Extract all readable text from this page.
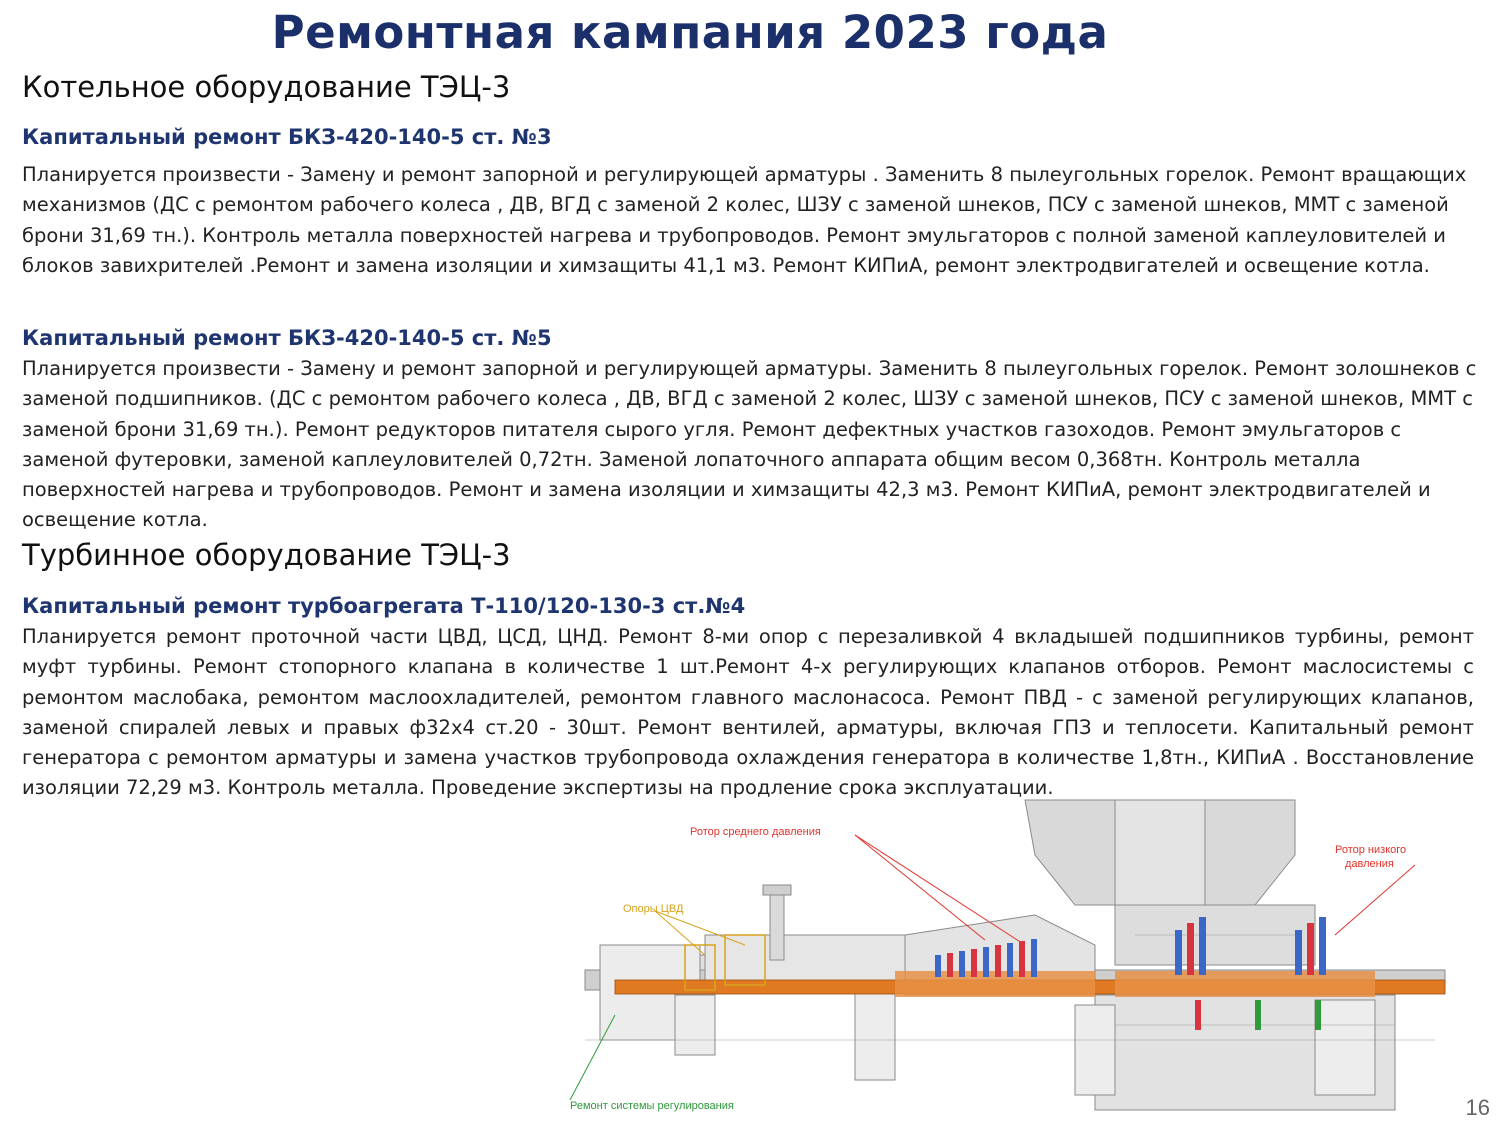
Ремонтная кампания 2023 года
Котельное оборудование ТЭЦ-3
Капитальный ремонт БКЗ-420-140-5 ст. №3
Планируется произвести - Замену и ремонт запорной и регулирующей арматуры . Заменить 8 пылеугольных горелок. Ремонт вращающих механизмов (ДС с ремонтом рабочего колеса , ДВ, ВГД с заменой 2 колес, ШЗУ с заменой шнеков, ПСУ с заменой шнеков, ММТ с заменой брони 31,69 тн.). Контроль металла поверхностей нагрева и трубопроводов. Ремонт эмульгаторов с полной заменой каплеуловителей и блоков завихрителей .Ремонт и замена изоляции и химзащиты 41,1 м3. Ремонт КИПиА, ремонт электродвигателей и освещение котла.
Капитальный ремонт БКЗ-420-140-5 ст. №5
Планируется произвести - Замену и ремонт запорной и регулирующей арматуры. Заменить 8 пылеугольных горелок. Ремонт золошнеков с заменой подшипников. (ДС с ремонтом рабочего колеса , ДВ, ВГД с заменой 2 колес, ШЗУ с заменой шнеков, ПСУ с заменой шнеков, ММТ с заменой брони 31,69 тн.). Ремонт редукторов питателя сырого угля. Ремонт дефектных участков газоходов. Ремонт эмульгаторов с заменой футеровки, заменой каплеуловителей 0,72тн. Заменой лопаточного аппарата общим весом 0,368тн. Контроль металла поверхностей нагрева и трубопроводов. Ремонт и замена изоляции и химзащиты 42,3 м3. Ремонт КИПиА, ремонт электродвигателей и освещение котла.
Турбинное оборудование ТЭЦ-3
Капитальный ремонт турбоагрегата Т-110/120-130-3 ст.№4
Планируется ремонт проточной части ЦВД, ЦСД, ЦНД. Ремонт 8-ми опор с перезаливкой 4 вкладышей подшипников турбины, ремонт муфт турбины. Ремонт стопорного клапана в количестве 1 шт.Ремонт 4-х регулирующих клапанов отборов. Ремонт маслосистемы с ремонтом маслобака, ремонтом маслоохладителей, ремонтом главного маслонасоса. Ремонт ПВД - с заменой регулирующих клапанов, заменой спиралей левых и правых ф32х4 ст.20 - 30шт. Ремонт вентилей, арматуры, включая ГПЗ и теплосети. Капитальный ремонт генератора с ремонтом арматуры и замена участков трубопровода охлаждения генератора в количестве 1,8тн., КИПиА . Восстановление изоляции 72,29 м3. Контроль металла. Проведение экспертизы на продление срока эксплуатации.
Ротор среднего давления
Ротор низкого
давления
Опоры ЦВД
Ремонт системы регулирования	16
